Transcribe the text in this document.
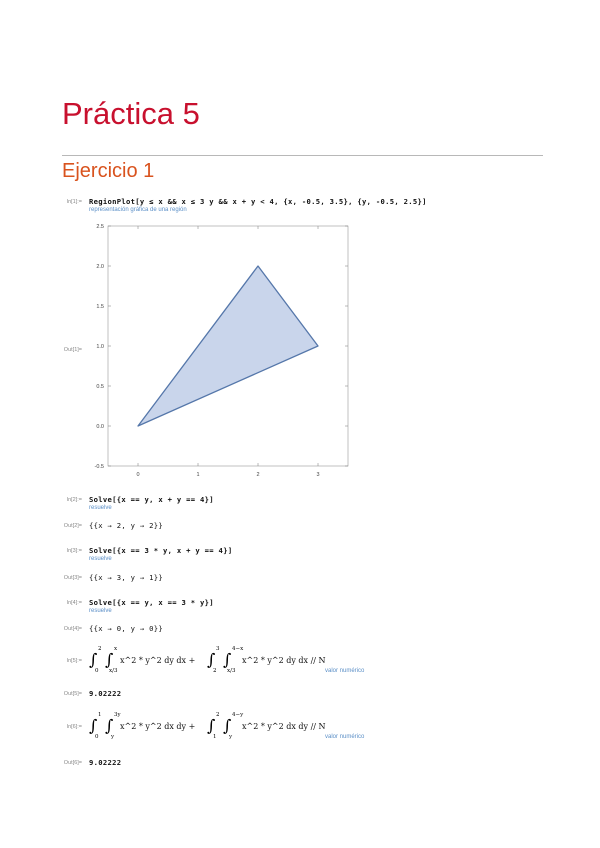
Práctica 5
Ejercicio 1
In[1]:= RegionPlot[y ≤ x && x ≤ 3 y && x + y < 4, {x, -0.5, 3.5}, {y, -0.5, 2.5}]
representación gráfica de una región
Out[1]=
0	1	2	3
-0.5
0.0
0.5
1.0
1.5
2.0
2.5
In[2]:= Solve[{x == y, x + y == 4}]
resuelve
Out[2]= {{x → 2, y → 2}}
In[3]:= Solve[{x == 3 * y, x + y == 4}]
resuelve
Out[3]= {{x → 3, y → 1}}
In[4]:= Solve[{x == y, x == 3 * y}]
resuelve
Out[4]= {{x → 0, y → 0}}
In[5]:= ∫
2
0
∫
x
x/3
x^2 * y^2 dy dx + ∫
3
2
∫
4−x
x/3
x^2 * y^2 dy dx // N
valor numérico
Out[5]= 9.02222
In[6]:= ∫
1
0
∫
3y
y
x^2 * y^2 dx dy + ∫
2
1
∫
4−y
y
x^2 * y^2 dx dy // N
valor numérico
Out[6]= 9.02222
